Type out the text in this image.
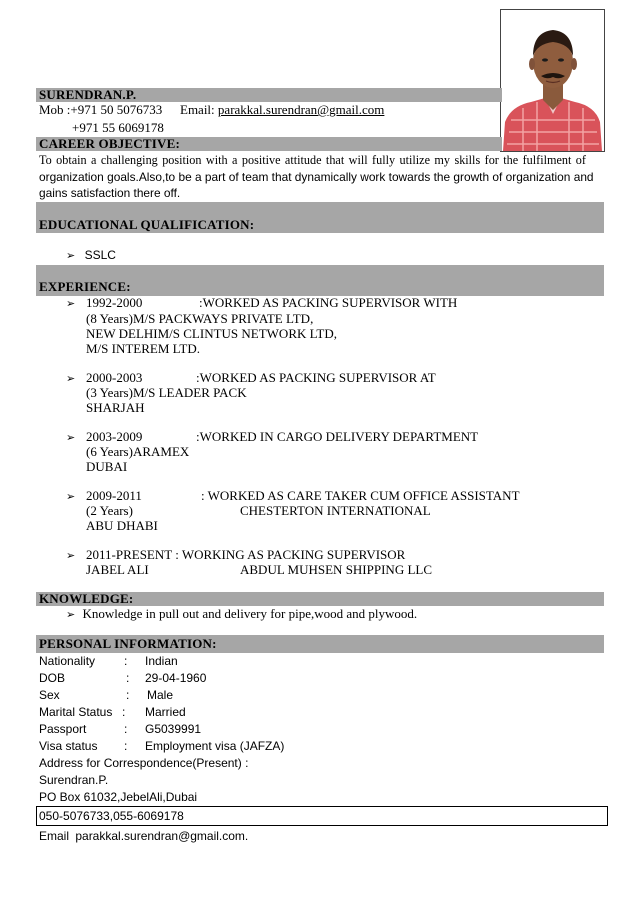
SURENDRAN.P.
Mob :+971 50 5076733 Email: parakkal.surendran@gmail.com
+971 55 6069178
CAREER OBJECTIVE:
To obtain a challenging position with a positive attitude that will fully utilize my skills for the fulfilment of
organization goals.Also,to be a part of team that dynamically work towards the growth of organization and
gains satisfaction there off.
EDUCATIONAL QUALIFICATION:
➢ SSLC
EXPERIENCE:
➢ 1992-2000	:WORKED AS PACKING SUPERVISOR WITH
(8 Years)M/S PACKWAYS PRIVATE LTD,
NEW DELHIM/S CLINTUS NETWORK LTD,
M/S INTEREM LTD.
➢ 2000-2003	:WORKED AS PACKING SUPERVISOR AT
(3 Years)M/S LEADER PACK
SHARJAH
➢ 2003-2009	:WORKED IN CARGO DELIVERY DEPARTMENT
(6 Years)ARAMEX
DUBAI
➢ 2009-2011	: WORKED AS CARE TAKER CUM OFFICE ASSISTANT
(2 Years)	CHESTERTON INTERNATIONAL
ABU DHABI
➢ 2011-PRESENT : WORKING AS PACKING SUPERVISOR
JABEL ALI	ABDUL MUHSEN SHIPPING LLC
KNOWLEDGE:
➢ Knowledge in pull out and delivery for pipe,wood and plywood.
PERSONAL INFORMATION:
Nationality : Indian
DOB	: 29-04-1960
Sex	: Male
Marital Status : Married
Passport	: G5039991
Visa status : Employment visa (JAFZA)
Address for Correspondence(Present) :
Surendran.P.
PO Box 61032,JebelAli,Dubai
050-5076733,055-6069178
Email parakkal.surendran@gmail.com.
